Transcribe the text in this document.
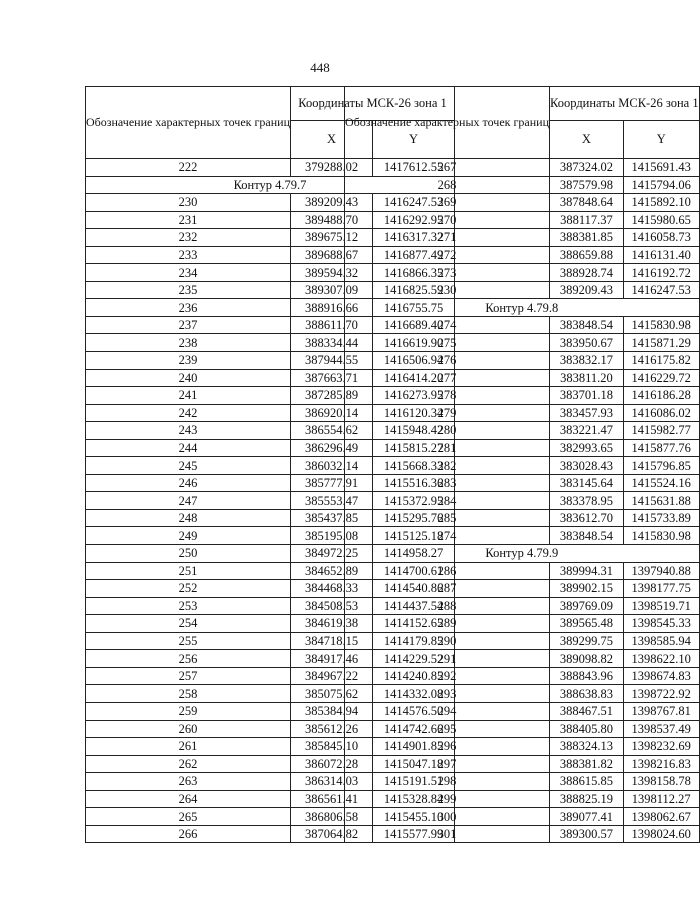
448
Обозначение характерных точек границ	Координаты МСК-26 зона 1	
	X	Y
222	379288.02	1417612.55
Контур 4.79.7		
230	389209.43	1416247.53
231	389488.70	1416292.95
232	389675.12	1416317.32
233	389688.67	1416877.49
234	389594.32	1416866.35
235	389307.09	1416825.59
236	388916.66	1416755.75
237	388611.70	1416689.40
238	388334.44	1416619.90
239	387944.55	1416506.94
240	387663.71	1416414.20
241	387285.89	1416273.95
242	386920.14	1416120.34
243	386554.62	1415948.42
244	386296.49	1415815.27
245	386032.14	1415668.33
246	385777.91	1415516.36
247	385553.47	1415372.95
248	385437.85	1415295.76
249	385195.08	1415125.18
250	384972.25	1414958.27
251	384652.89	1414700.61
252	384468.33	1414540.86
253	384508.53	1414437.54
254	384619.38	1414152.65
255	384718.15	1414179.85
256	384917.46	1414229.52
257	384967.22	1414240.85
258	385075.62	1414332.08
259	385384.94	1414576.50
260	385612.26	1414742.66
261	385845.10	1414901.85
262	386072.28	1415047.18
263	386314.03	1415191.51
264	386561.41	1415328.84
265	386806.58	1415455.10
266	387064.82	1415577.99
Обозначение характерных точек границ	Координаты МСК-26 зона 1	
	X	Y
267	387324.02	1415691.43
268	387579.98	1415794.06
269	387848.64	1415892.10
270	388117.37	1415980.65
271	388381.85	1416058.73
272	388659.88	1416131.40
273	388928.74	1416192.72
230	389209.43	1416247.53
Контур 4.79.8		
274	383848.54	1415830.98
275	383950.67	1415871.29
276	383832.17	1416175.82
277	383811.20	1416229.72
278	383701.18	1416186.28
279	383457.93	1416086.02
280	383221.47	1415982.77
281	382993.65	1415877.76
282	383028.43	1415796.85
283	383145.64	1415524.16
284	383378.95	1415631.88
285	383612.70	1415733.89
274	383848.54	1415830.98
Контур 4.79.9		
286	389994.31	1397940.88
287	389902.15	1398177.75
288	389769.09	1398519.71
289	389565.48	1398545.33
290	389299.75	1398585.94
291	389098.82	1398622.10
292	388843.96	1398674.83
293	388638.83	1398722.92
294	388467.51	1398767.81
295	388405.80	1398537.49
296	388324.13	1398232.69
297	388381.82	1398216.83
298	388615.85	1398158.78
299	388825.19	1398112.27
300	389077.41	1398062.67
301	389300.57	1398024.60
